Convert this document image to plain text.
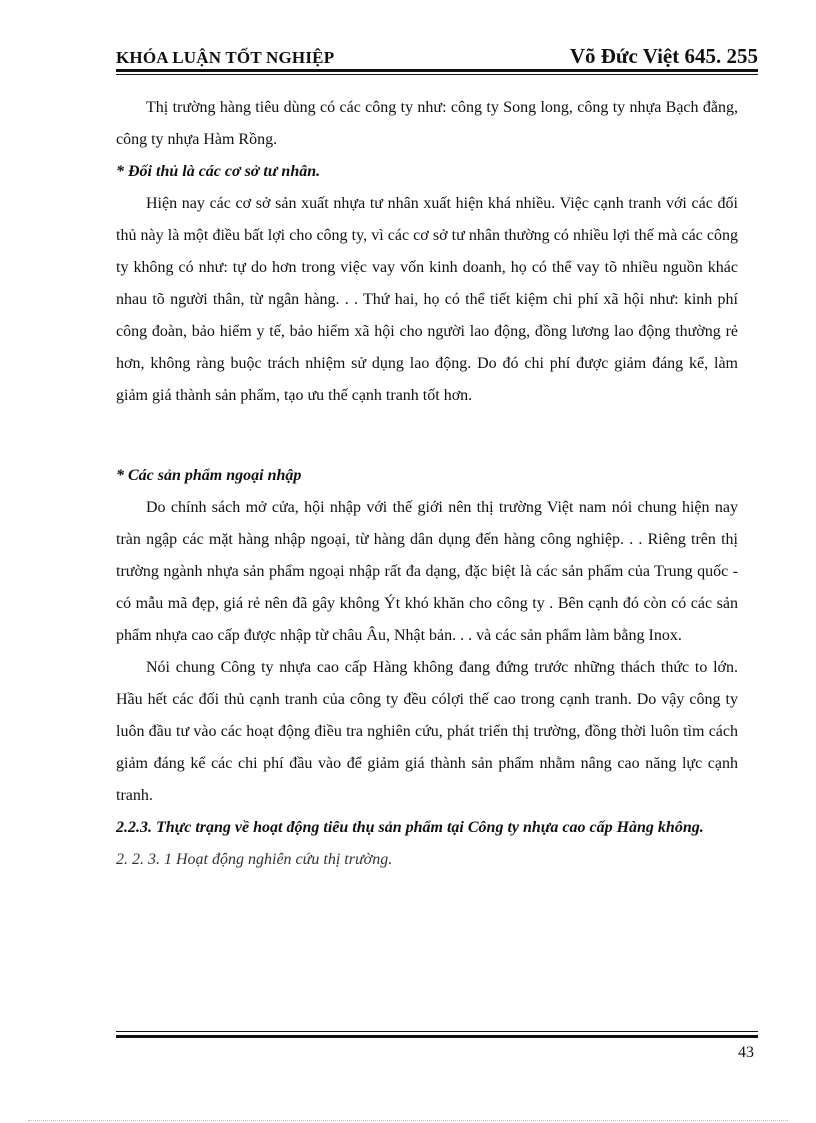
KHÓA LUẬN TỐT NGHIỆP	Võ Đức Việt 645. 255

Thị trường hàng tiêu dùng có các công ty như: công ty Song long, công ty nhựa Bạch đằng, công ty nhựa Hàm Rồng.

* Đối thủ là các cơ sở tư nhân.

Hiện nay các cơ sở sản xuất nhựa tư nhân xuất hiện khá nhiều. Việc cạnh tranh với các đối thủ này là một điều bất lợi cho công ty, vì các cơ sở tư nhân thường có nhiều lợi thế mà các công ty không có như: tự do hơn trong việc vay vốn kinh doanh, họ có thể vay tõ nhiều nguồn khác nhau tõ người thân, từ ngân hàng. . . Thứ hai, họ có thể tiết kiệm chi phí xã hội như: kinh phí công đoàn, bảo hiểm y tế, bảo hiểm xã hội cho người lao động, đồng lương lao động thường rẻ hơn, không ràng buộc trách nhiệm sử dụng lao động. Do đó chi phí được giảm đáng kể, làm giảm giá thành sản phẩm, tạo ưu thế cạnh tranh tốt hơn.

* Các sản phẩm ngoại nhập

Do chính sách mở cửa, hội nhập với thế giới nên thị trường Việt nam nói chung hiện nay tràn ngập các mặt hàng nhập ngoại, từ hàng dân dụng đến hàng công nghiệp. . . Riêng trên thị trường ngành nhựa sản phẩm ngoại nhập rất đa dạng, đặc biệt là các sản phẩm của Trung quốc - có mẫu mã đẹp, giá rẻ nên đã gây không Ýt khó khăn cho công ty . Bên cạnh đó còn có các sản phẩm nhựa cao cấp được nhập từ châu Âu, Nhật bản. . . và các sản phẩm làm bằng Inox.

Nói chung Công ty nhựa cao cấp Hàng không đang đứng trước những thách thức to lớn. Hầu hết các đối thủ cạnh tranh của công ty đều cólợi thế cao trong cạnh tranh. Do vậy công ty luôn đầu tư vào các hoạt động điều tra nghiên cứu, phát triển thị trường, đồng thời luôn tìm cách giảm đáng kể các chi phí đầu vào để giảm giá thành sản phẩm nhằm nâng cao năng lực cạnh tranh.

2.2.3. Thực trạng về hoạt động tiêu thụ sản phẩm tại Công ty nhựa cao cấp Hàng không.

2. 2. 3. 1 Hoạt động nghiên cứu thị trường.

43
